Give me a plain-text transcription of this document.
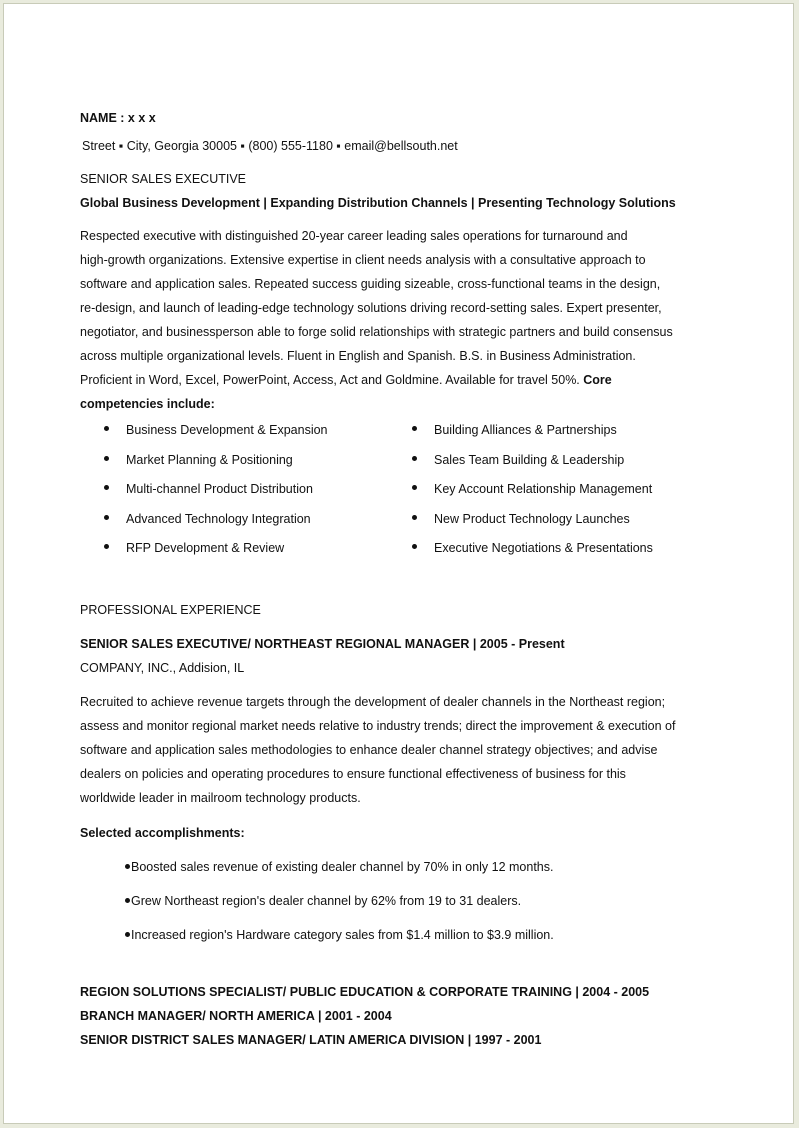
NAME : x x x
Street ▪ City, Georgia 30005 ▪ (800) 555-1180 ▪ email@bellsouth.net
SENIOR SALES EXECUTIVE
Global Business Development | Expanding Distribution Channels | Presenting Technology Solutions
Respected executive with distinguished 20-year career leading sales operations for turnaround and
high-growth organizations. Extensive expertise in client needs analysis with a consultative approach to
software and application sales. Repeated success guiding sizeable, cross-functional teams in the design,
re-design, and launch of leading-edge technology solutions driving record-setting sales. Expert presenter,
negotiator, and businessperson able to forge solid relationships with strategic partners and build consensus
across multiple organizational levels. Fluent in English and Spanish. B.S. in Business Administration.
Proficient in Word, Excel, PowerPoint, Access, Act and Goldmine. Available for travel 50%. Core
competencies include:
Business Development & Expansion
Market Planning & Positioning
Multi-channel Product Distribution
Advanced Technology Integration
RFP Development & Review
Building Alliances & Partnerships
Sales Team Building & Leadership
Key Account Relationship Management
New Product Technology Launches
Executive Negotiations & Presentations
PROFESSIONAL EXPERIENCE
SENIOR SALES EXECUTIVE/ NORTHEAST REGIONAL MANAGER | 2005 - Present
COMPANY, INC., Addision, IL
Recruited to achieve revenue targets through the development of dealer channels in the Northeast region;
assess and monitor regional market needs relative to industry trends; direct the improvement & execution of
software and application sales methodologies to enhance dealer channel strategy objectives; and advise
dealers on policies and operating procedures to ensure functional effectiveness of business for this
worldwide leader in mailroom technology products.
Selected accomplishments:
Boosted sales revenue of existing dealer channel by 70% in only 12 months.
Grew Northeast region's dealer channel by 62% from 19 to 31 dealers.
Increased region's Hardware category sales from $1.4 million to $3.9 million.
REGION SOLUTIONS SPECIALIST/ PUBLIC EDUCATION & CORPORATE TRAINING | 2004 - 2005
BRANCH MANAGER/ NORTH AMERICA | 2001 - 2004
SENIOR DISTRICT SALES MANAGER/ LATIN AMERICA DIVISION | 1997 - 2001
